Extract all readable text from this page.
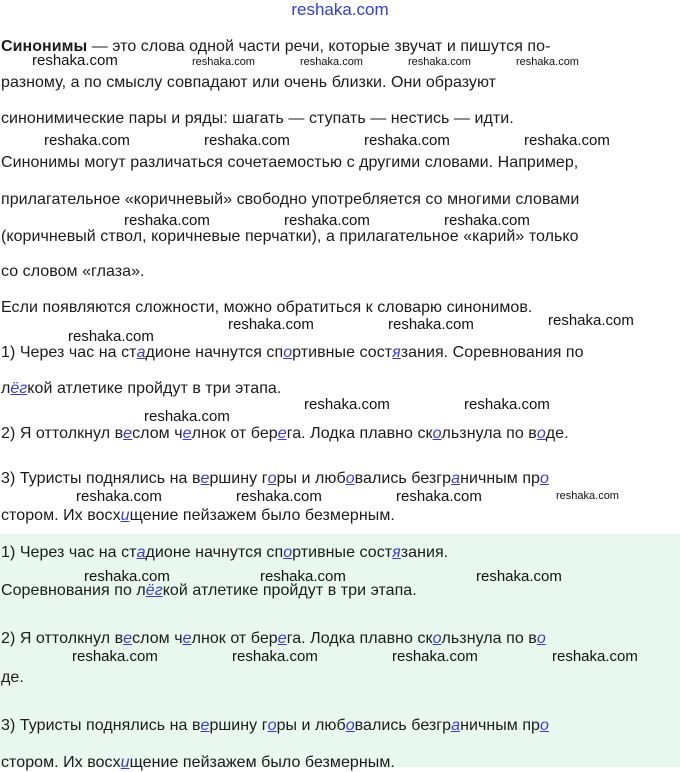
reshaka.com
Синонимы — это слова одной части речи, которые звучат и пишутся по-
разному, а по смыслу совпадают или очень близки. Они образуют
синонимические пары и ряды: шагать — ступать — нестись — идти.
Синонимы могут различаться сочетаемостью с другими словами. Например,
прилагательное «коричневый» свободно употребляется со многими словами
(коричневый ствол, коричневые перчатки), а прилагательное «карий» только
со словом «глаза».
Если появляются сложности, можно обратиться к словарю синонимов.
1) Через час на стадионе начнутся спортивные состязания. Соревнования по
лёгкой атлетике пройдут в три этапа.
2) Я оттолкнул веслом челнок от берега. Лодка плавно скользнула по воде.
3) Туристы поднялись на вершину горы и любовались безграничным про
стором. Их восхищение пейзажем было безмерным.
1) Через час на стадионе начнутся спортивные состязания.
Соревнования по лёгкой атлетике пройдут в три этапа.
2) Я оттолкнул веслом челнок от берега. Лодка плавно скользнула по во
де.
3) Туристы поднялись на вершину горы и любовались безграничным про
стором. Их восхищение пейзажем было безмерным.
reshaka.com	reshaka.com	reshaka.com	reshaka.com	reshaka.com
reshaka.com	reshaka.com	reshaka.com	reshaka.com
reshaka.com	reshaka.com	reshaka.com
reshaka.com
reshaka.com	reshaka.com
reshaka.com
reshaka.com	reshaka.com
reshaka.com
reshaka.com	reshaka.com	reshaka.com	reshaka.com
reshaka.com	reshaka.com	reshaka.com
reshaka.com	reshaka.com	reshaka.com	reshaka.com
